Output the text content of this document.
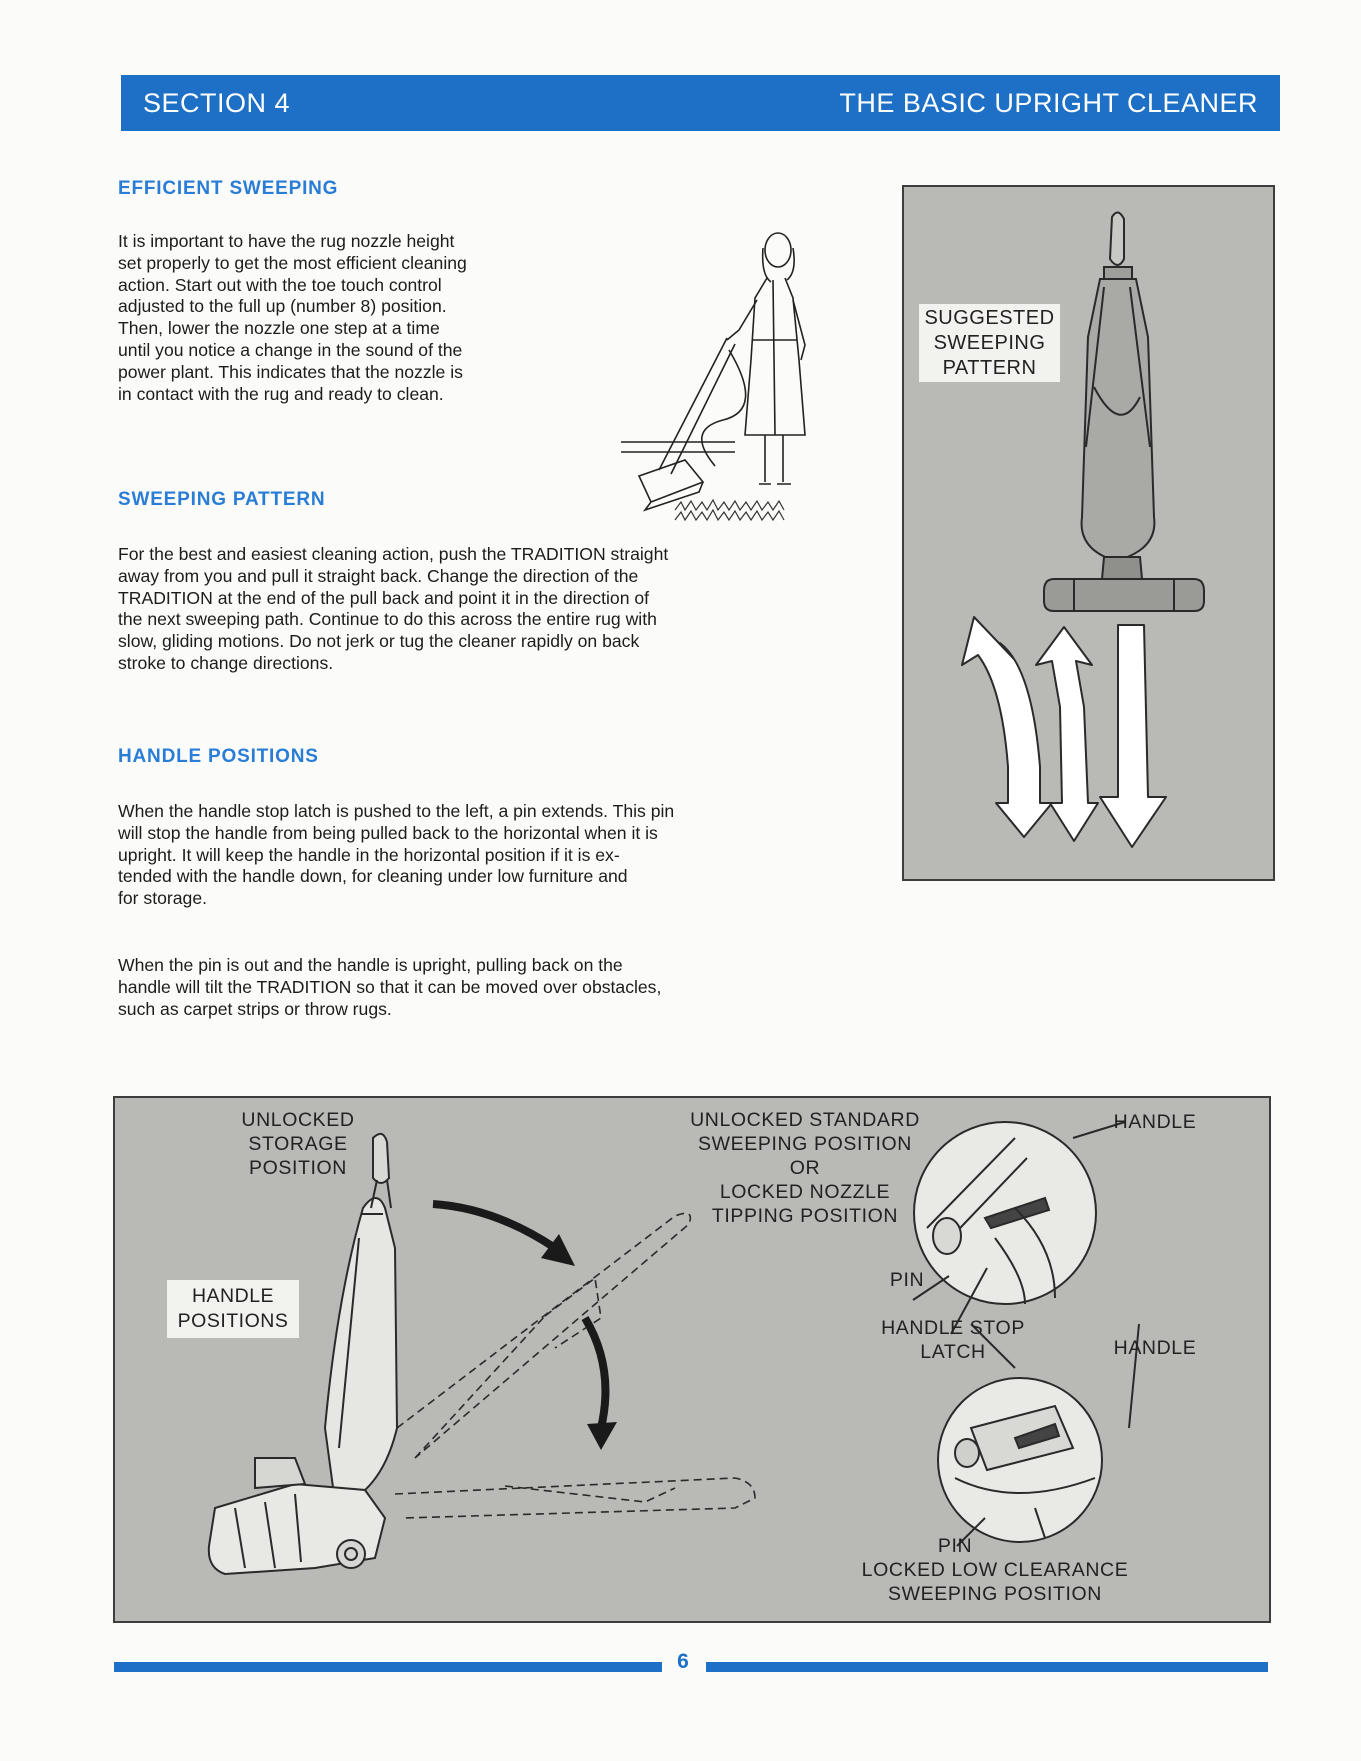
SECTION 4	THE BASIC UPRIGHT CLEANER
EFFICIENT SWEEPING
It is important to have the rug nozzle height
set properly to get the most efficient cleaning
action. Start out with the toe touch control
adjusted to the full up (number 8) position.
Then, lower the nozzle one step at a time
until you notice a change in the sound of the
power plant. This indicates that the nozzle is
in contact with the rug and ready to clean.
SWEEPING PATTERN
For the best and easiest cleaning action, push the TRADITION straight
away from you and pull it straight back. Change the direction of the
TRADITION at the end of the pull back and point it in the direction of
the next sweeping path. Continue to do this across the entire rug with
slow, gliding motions. Do not jerk or tug the cleaner rapidly on back
stroke to change directions.
HANDLE POSITIONS
When the handle stop latch is pushed to the left, a pin extends. This pin
will stop the handle from being pulled back to the horizontal when it is
upright. It will keep the handle in the horizontal position if it is ex-
tended with the handle down, for cleaning under low furniture and
for storage.
When the pin is out and the handle is upright, pulling back on the
handle will tilt the TRADITION so that it can be moved over obstacles,
such as carpet strips or throw rugs.
SUGGESTED
SWEEPING
PATTERN
UNLOCKED
STORAGE
POSITION
HANDLE
POSITIONS
UNLOCKED STANDARD
SWEEPING POSITION
OR
LOCKED NOZZLE
TIPPING POSITION
HANDLE
PIN
HANDLE STOP
LATCH	HANDLE
PIN
LOCKED LOW CLEARANCE
SWEEPING POSITION
6
